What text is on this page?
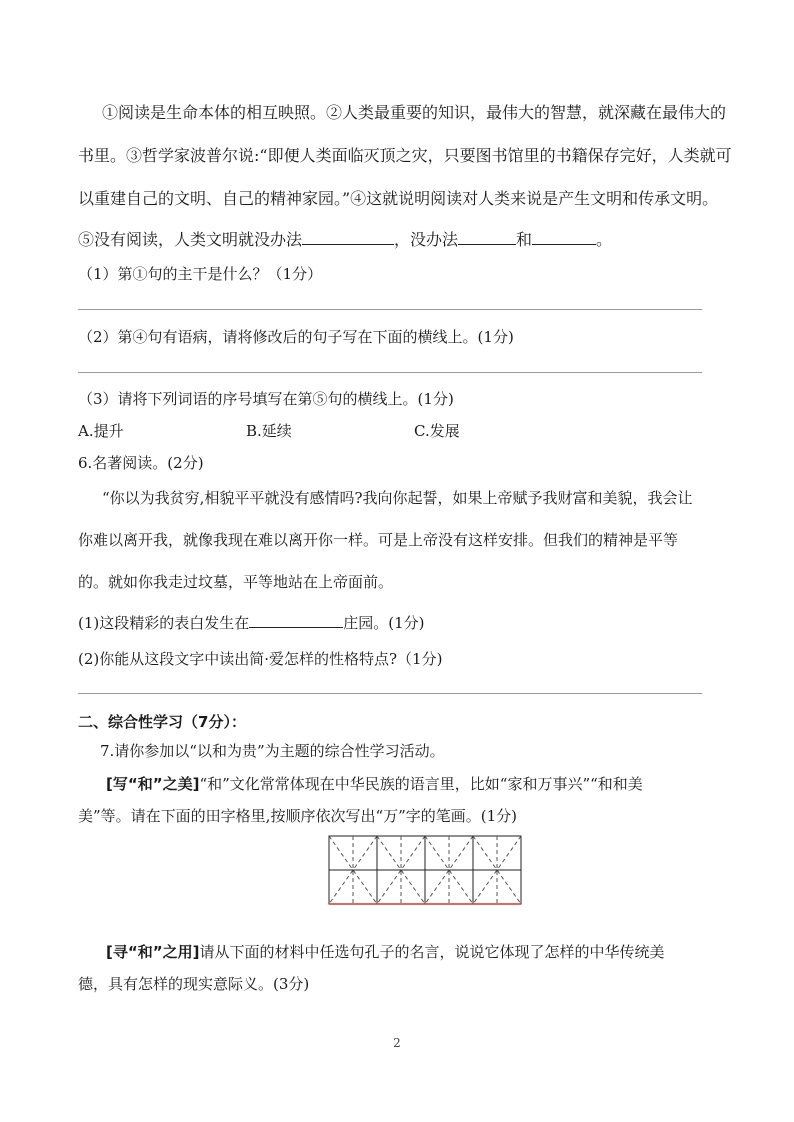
①阅读是生命本体的相互映照。②人类最重要的知识，最伟大的智慧，就深藏在最伟大的
书里。③哲学家波普尔说:“即便人类面临灭顶之灾，只要图书馆里的书籍保存完好，人类就可
以重建自己的文明、自己的精神家园。”④这就说明阅读对人类来说是产生文明和传承文明。
⑤没有阅读，人类文明就没办法	，没办法	和	。
（1）第①句的主干是什么？（1分）
（2）第④句有语病，请将修改后的句子写在下面的横线上。(1分)
（3）请将下列词语的序号填写在第⑤句的横线上。(1分)
A.提升	B.延续	C.发展
6.名著阅读。(2分)
“你以为我贫穷,相貌平平就没有感情吗?我向你起誓，如果上帝赋予我财富和美貌，我会让
你难以离开我，就像我现在难以离开你一样。可是上帝没有这样安排。但我们的精神是平等
的。就如你我走过坟墓，平等地站在上帝面前。
(1)这段精彩的表白发生在	庄园。(1分)
(2)你能从这段文字中读出简·爱怎样的性格特点?（1分)
二、综合性学习（7分）：
7.请你参加以“以和为贵”为主题的综合性学习活动。
[写“和”之美]“和”文化常常体现在中华民族的语言里，比如“家和万事兴”“和和美
美”等。请在下面的田字格里,按顺序依次写出“万”字的笔画。(1分)
[寻“和”之用]请从下面的材料中任选句孔子的名言，说说它体现了怎样的中华传统美
德，具有怎样的现实意际义。(3分)
2
